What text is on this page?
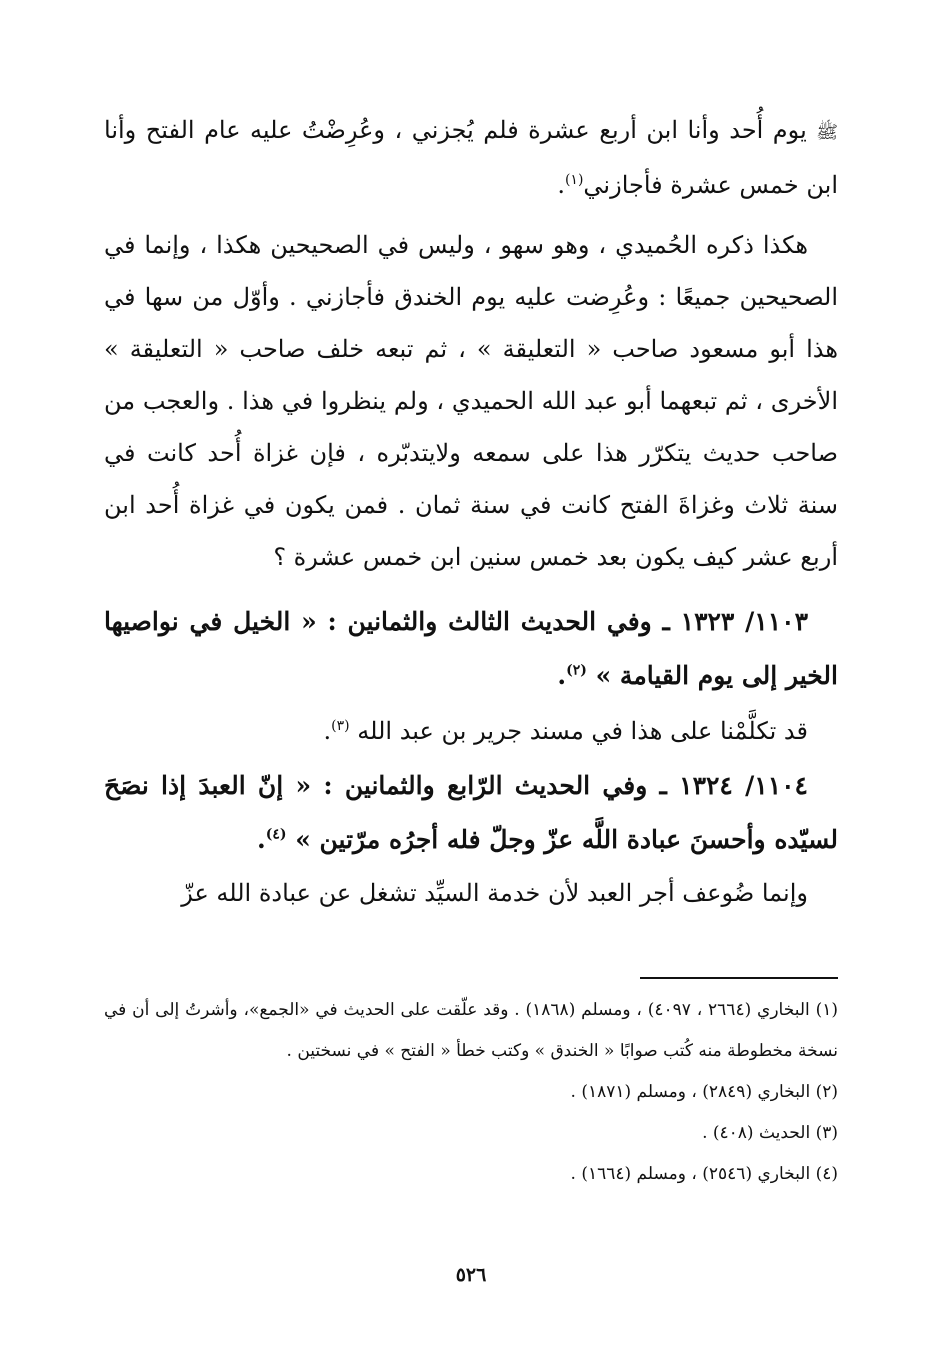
ﷺ يوم أُحد وأنا ابن أربع عشرة فلم يُجزني ، وعُرِضْتُ عليه عام الفتح وأنا ابن خمس عشرة فأجازني$^{(١)}$.

هكذا ذكره الحُميدي ، وهو سهو ، وليس في الصحيحين هكذا ، وإنما في الصحيحين جميعًا : وعُرِضت عليه يوم الخندق فأجازني . وأوّل من سها في هذا أبو مسعود صاحب « التعليقة » ، ثم تبعه خلف صاحب « التعليقة » الأخرى ، ثم تبعهما أبو عبد الله الحميدي ، ولم ينظروا في هذا . والعجب من صاحب حديث يتكرّر هذا على سمعه ولايتدبّره ، فإن غزاة أُحد كانت في سنة ثلاث وغزاةَ الفتح كانت في سنة ثمان . فمن يكون في غزاة أُحد ابن أربع عشر كيف يكون بعد خمس سنين ابن خمس عشرة ؟

١١٠٣/ ١٣٢٣ ـ وفي الحديث الثالث والثمانين : « الخيل في نواصيها الخير إلى يوم القيامة » $^{(٢)}$.

قد تكلَّمْنا على هذا في مسند جرير بن عبد الله $^{(٣)}$.

١١٠٤/ ١٣٢٤ ـ وفي الحديث الرّابع والثمانين : « إنّ العبدَ إذا نصَحَ لسيّده وأحسنَ عبادة اللَّه عزّ وجلّ فله أجرُه مرّتين » $^{(٤)}$.

وإنما ضُوعف أجر العبد لأن خدمة السيِّد تشغل عن عبادة الله عزّ

(١) البخاري (٢٦٦٤ ، ٤٠٩٧) ، ومسلم (١٨٦٨) . وقد علّقت على الحديث في «الجمع»، وأشرتُ إلى أن في نسخة مخطوطة منه كُتب صوابًا « الخندق » وكتب خطأ « الفتح » في نسختين .

(٢) البخاري (٢٨٤٩) ، ومسلم (١٨٧١) .

(٣) الحديث (٤٠٨) .

(٤) البخاري (٢٥٤٦) ، ومسلم (١٦٦٤) .

٥٢٦
